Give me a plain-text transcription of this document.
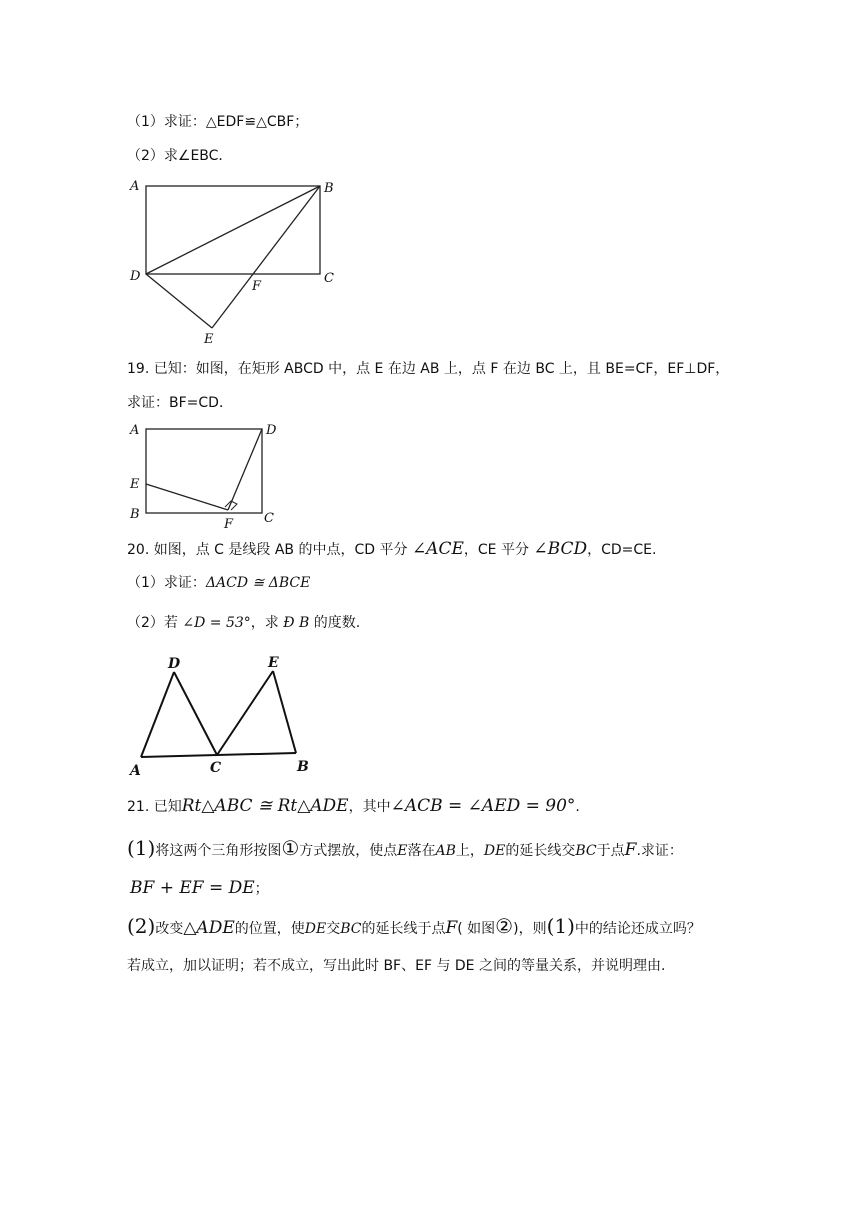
（1）求证：△EDF≌△CBF；
（2）求∠EBC．
A	B
C
D
E
F
19. 已知：如图，在矩形 ABCD 中，点 E 在边 AB 上，点 F 在边 BC 上，且 BE=CF，EF⊥DF，
求证：BF=CD．
A	D
E
B
F C
20. 如图，点 C 是线段 AB 的中点，CD 平分 ∠ACE，CE 平分 ∠BCD，CD=CE.
（1）求证：ΔACD ≅ ΔBCE
（2）若 ∠D = 53°，求 Ð B 的度数.
D	E
A	C	B
21. 已知Rt△ABC ≅ Rt△ADE，其中∠ACB = ∠AED = 90°.
(1)将这两个三角形按图①方式摆放，使点E落在AB上，DE的延长线交BC于点F.求证：
BF + EF = DE；
(2)改变△ADE的位置，使DE交BC的延长线于点F( 如图②)，则(1)中的结论还成立吗？
若成立，加以证明；若不成立，写出此时 BF、EF 与 DE 之间的等量关系，并说明理由.
